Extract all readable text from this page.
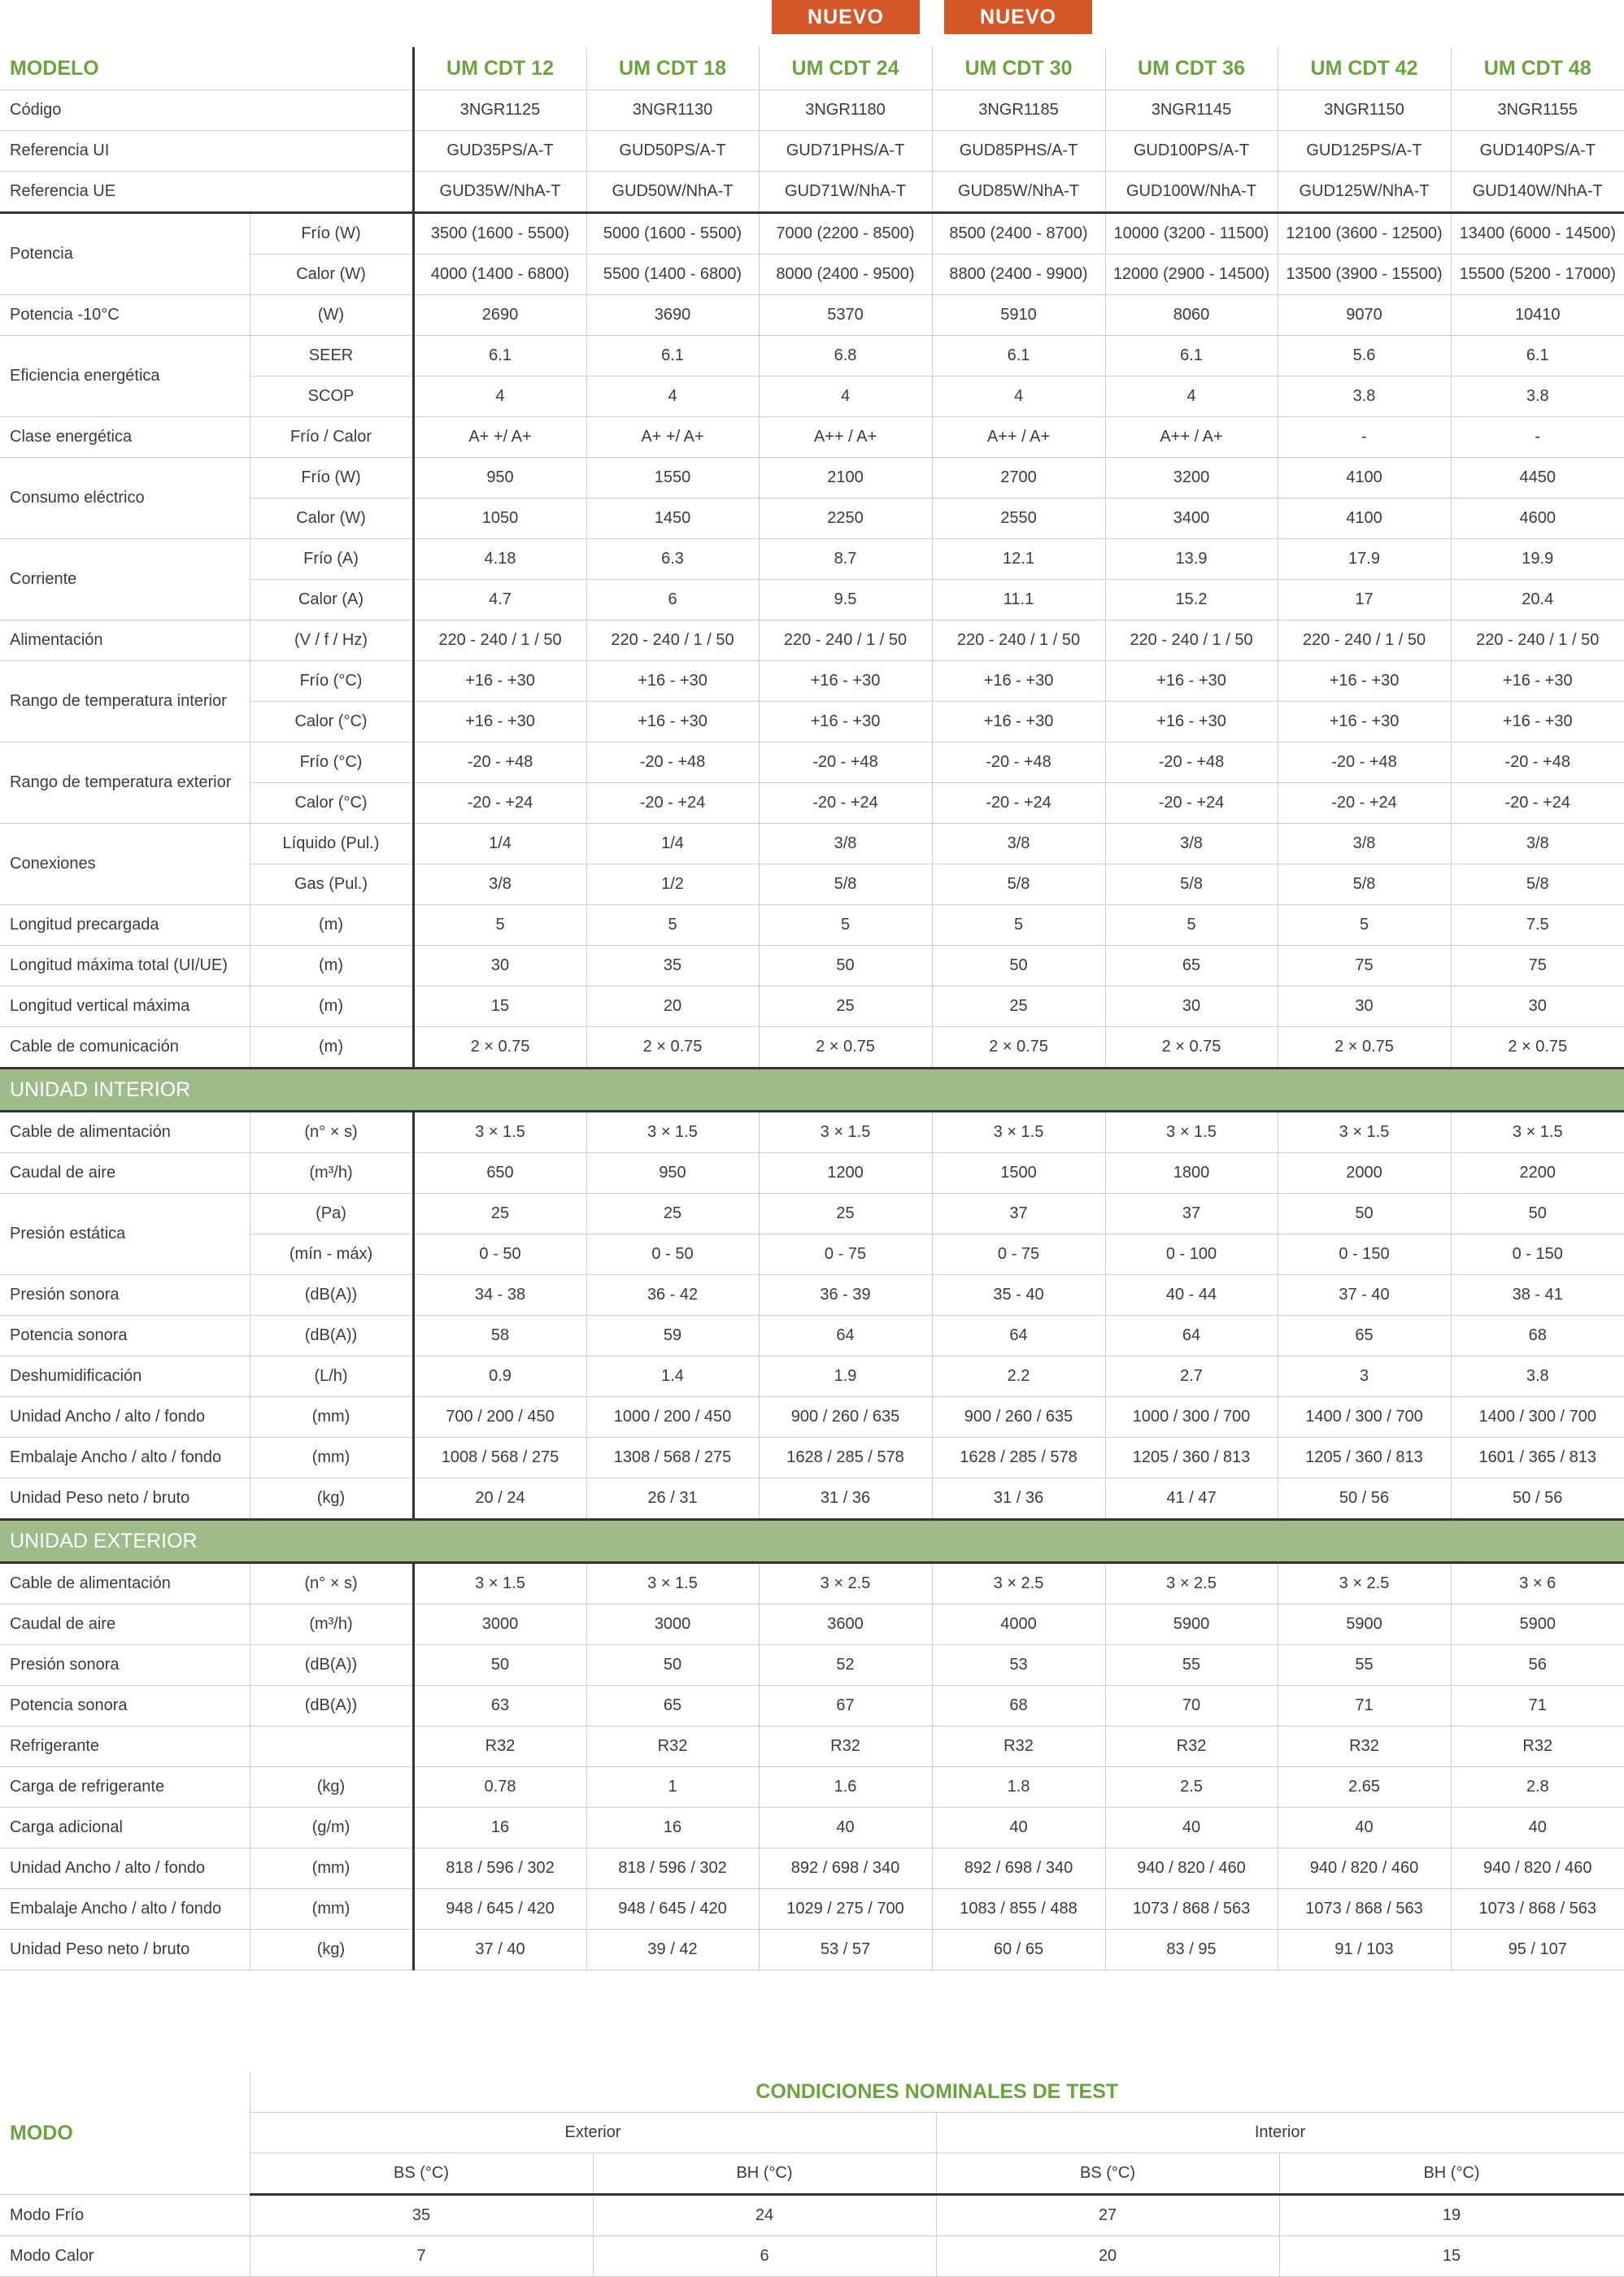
NUEVO	NUEVO
MODELO		UM CDT 12	UM CDT 18	UM CDT 24	UM CDT 30	UM CDT 36	UM CDT 42	UM CDT 48
Código		3NGR1125	3NGR1130	3NGR1180	3NGR1185	3NGR1145	3NGR1150	3NGR1155
Referencia UI		GUD35PS/A-T	GUD50PS/A-T	GUD71PHS/A-T	GUD85PHS/A-T	GUD100PS/A-T	GUD125PS/A-T	GUD140PS/A-T
Referencia UE		GUD35W/NhA-T	GUD50W/NhA-T	GUD71W/NhA-T	GUD85W/NhA-T	GUD100W/NhA-T	GUD125W/NhA-T	GUD140W/NhA-T
Potencia	Frío (W)	3500 (1600 - 5500)	5000 (1600 - 5500)	7000 (2200 - 8500)	8500 (2400 - 8700)	10000 (3200 - 11500)	12100 (3600 - 12500)	13400 (6000 - 14500)
	Calor (W)	4000 (1400 - 6800)	5500 (1400 - 6800)	8000 (2400 - 9500)	8800 (2400 - 9900)	12000 (2900 - 14500)	13500 (3900 - 15500)	15500 (5200 - 17000)
Potencia -10°C	(W)	2690	3690	5370	5910	8060	9070	10410
Eficiencia energética	SEER	6.1	6.1	6.8	6.1	6.1	5.6	6.1
	SCOP	4	4	4	4	4	3.8	3.8
Clase energética	Frío / Calor	A+ +/ A+	A+ +/ A+	A++ / A+	A++ / A+	A++ / A+	-	-
Consumo eléctrico	Frío (W)	950	1550	2100	2700	3200	4100	4450
	Calor (W)	1050	1450	2250	2550	3400	4100	4600
Corriente	Frío (A)	4.18	6.3	8.7	12.1	13.9	17.9	19.9
	Calor (A)	4.7	6	9.5	11.1	15.2	17	20.4
Alimentación	(V / f / Hz)	220 - 240 / 1 / 50	220 - 240 / 1 / 50	220 - 240 / 1 / 50	220 - 240 / 1 / 50	220 - 240 / 1 / 50	220 - 240 / 1 / 50	220 - 240 / 1 / 50
Rango de temperatura interior	Frío (°C)	+16 - +30	+16 - +30	+16 - +30	+16 - +30	+16 - +30	+16 - +30	+16 - +30
	Calor (°C)	+16 - +30	+16 - +30	+16 - +30	+16 - +30	+16 - +30	+16 - +30	+16 - +30
Rango de temperatura exterior	Frío (°C)	-20 - +48	-20 - +48	-20 - +48	-20 - +48	-20 - +48	-20 - +48	-20 - +48
	Calor (°C)	-20 - +24	-20 - +24	-20 - +24	-20 - +24	-20 - +24	-20 - +24	-20 - +24
Conexiones	Líquido (Pul.)	1/4	1/4	3/8	3/8	3/8	3/8	3/8
	Gas (Pul.)	3/8	1/2	5/8	5/8	5/8	5/8	5/8
Longitud precargada	(m)	5	5	5	5	5	5	7.5
Longitud máxima total (UI/UE)	(m)	30	35	50	50	65	75	75
Longitud vertical máxima	(m)	15	20	25	25	30	30	30
Cable de comunicación	(m)	2 × 0.75	2 × 0.75	2 × 0.75	2 × 0.75	2 × 0.75	2 × 0.75	2 × 0.75
UNIDAD INTERIOR								
Cable de alimentación	(n° × s)	3 × 1.5	3 × 1.5	3 × 1.5	3 × 1.5	3 × 1.5	3 × 1.5	3 × 1.5
Caudal de aire	(m³/h)	650	950	1200	1500	1800	2000	2200
Presión estática	(Pa)	25	25	25	37	37	50	50
	(mín - máx)	0 - 50	0 - 50	0 - 75	0 - 75	0 - 100	0 - 150	0 - 150
Presión sonora	(dB(A))	34 - 38	36 - 42	36 - 39	35 - 40	40 - 44	37 - 40	38 - 41
Potencia sonora	(dB(A))	58	59	64	64	64	65	68
Deshumidificación	(L/h)	0.9	1.4	1.9	2.2	2.7	3	3.8
Unidad Ancho / alto / fondo	(mm)	700 / 200 / 450	1000 / 200 / 450	900 / 260 / 635	900 / 260 / 635	1000 / 300 / 700	1400 / 300 / 700	1400 / 300 / 700
Embalaje Ancho / alto / fondo	(mm)	1008 / 568 / 275	1308 / 568 / 275	1628 / 285 / 578	1628 / 285 / 578	1205 / 360 / 813	1205 / 360 / 813	1601 / 365 / 813
Unidad Peso neto / bruto	(kg)	20 / 24	26 / 31	31 / 36	31 / 36	41 / 47	50 / 56	50 / 56
UNIDAD EXTERIOR								
Cable de alimentación	(n° × s)	3 × 1.5	3 × 1.5	3 × 2.5	3 × 2.5	3 × 2.5	3 × 2.5	3 × 6
Caudal de aire	(m³/h)	3000	3000	3600	4000	5900	5900	5900
Presión sonora	(dB(A))	50	50	52	53	55	55	56
Potencia sonora	(dB(A))	63	65	67	68	70	71	71
Refrigerante		R32	R32	R32	R32	R32	R32	R32
Carga de refrigerante	(kg)	0.78	1	1.6	1.8	2.5	2.65	2.8
Carga adicional	(g/m)	16	16	40	40	40	40	40
Unidad Ancho / alto / fondo	(mm)	818 / 596 / 302	818 / 596 / 302	892 / 698 / 340	892 / 698 / 340	940 / 820 / 460	940 / 820 / 460	940 / 820 / 460
Embalaje Ancho / alto / fondo	(mm)	948 / 645 / 420	948 / 645 / 420	1029 / 275 / 700	1083 / 855 / 488	1073 / 868 / 563	1073 / 868 / 563	1073 / 868 / 563
Unidad Peso neto / bruto	(kg)	37 / 40	39 / 42	53 / 57	60 / 65	83 / 95	91 / 103	95 / 107
MODO	CONDICIONES NOMINALES DE TEST			
	Exterior		Interior	
	BS (°C)	BH (°C)	BS (°C)	BH (°C)
Modo Frío	35	24	27	19
Modo Calor	7	6	20	15
